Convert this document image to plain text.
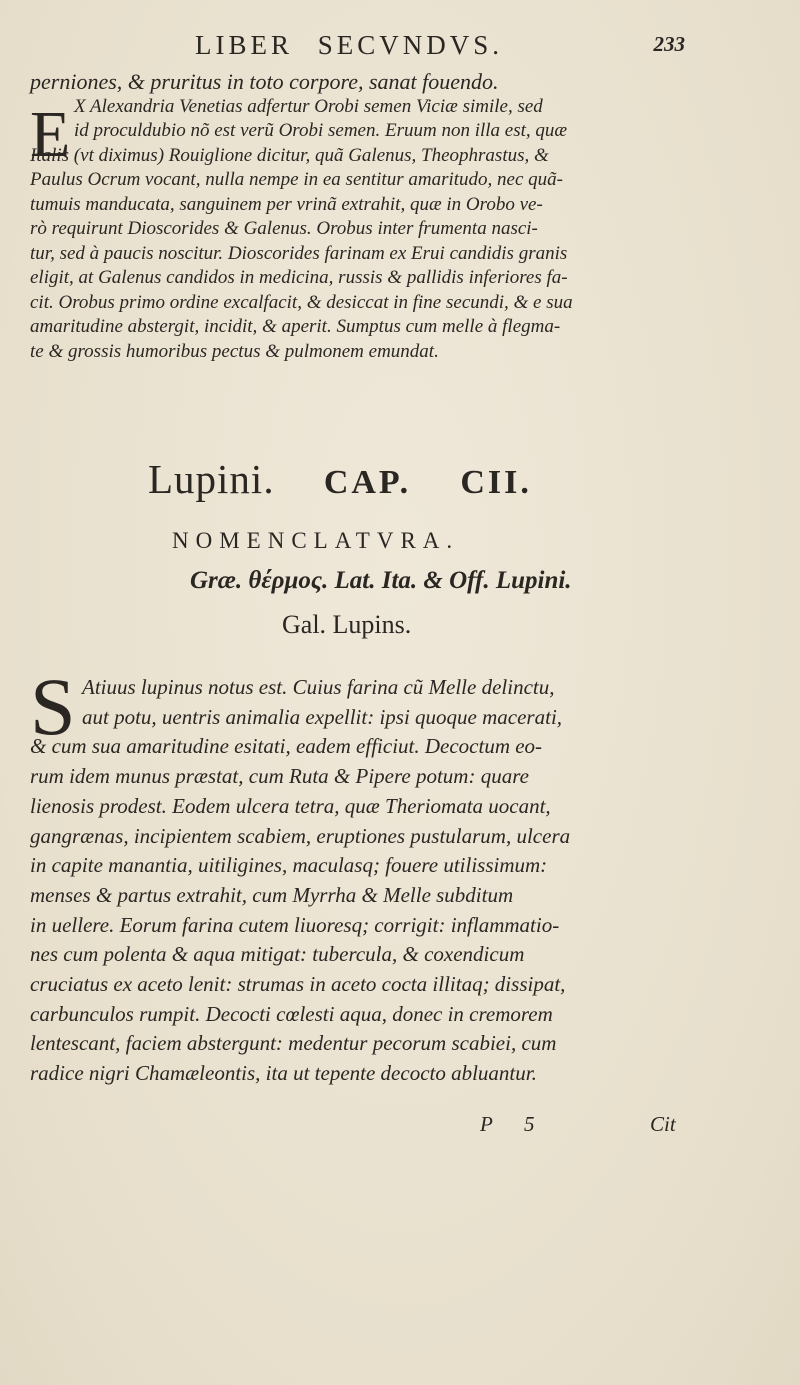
LIBER SECVNDVS.	233
E
perniones, & pruritus in toto corpore, sanat fouendo.
X Alexandria Venetias adfertur Orobi semen Viciæ simile, sed
id proculdubio nõ est verũ Orobi semen. Eruum non illa est, quæ
Italis (vt diximus) Rouiglione dicitur, quã Galenus, Theophrastus, &
Paulus Ocrum vocant, nulla nempe in ea sentitur amaritudo, nec quã-
tumuis manducata, sanguinem per vrinã extrahit, quæ in Orobo ve-
rò requirunt Dioscorides & Galenus. Orobus inter frumenta nasci-
tur, sed à paucis noscitur. Dioscorides farinam ex Erui candidis granis
eligit, at Galenus candidos in medicina, russis & pallidis inferiores fa-
cit. Orobus primo ordine excalfacit, & desiccat in fine secundi, & e sua
amaritudine abstergit, incidit, & aperit. Sumptus cum melle à flegma-
te & grossis humoribus pectus & pulmonem emundat.
Lupini. CAP. CII.
NOMENCLATVRA.
Græ. θέρμος. Lat. Ita. & Off. Lupini.
Gal. Lupins.
S Atiuus lupinus notus est. Cuius farina cũ Melle delinctu,
aut potu, uentris animalia expellit: ipsi quoque macerati,
& cum sua amaritudine esitati, eadem efficiut. Decoctum eo-
rum idem munus præstat, cum Ruta & Pipere potum: quare
lienosis prodest. Eodem ulcera tetra, quæ Theriomata uocant,
gangrænas, incipientem scabiem, eruptiones pustularum, ulcera
in capite manantia, uitiligines, maculasq; fouere utilissimum:
menses & partus extrahit, cum Myrrha & Melle subditum
in uellere. Eorum farina cutem liuoresq; corrigit: inflammatio-
nes cum polenta & aqua mitigat: tubercula, & coxendicum
cruciatus ex aceto lenit: strumas in aceto cocta illitaq; dissipat,
carbunculos rumpit. Decocti cœlesti aqua, donec in cremorem
lentescant, faciem abstergunt: medentur pecorum scabiei, cum
radice nigri Chamæleontis, ita ut tepente decocto abluantur.
P 5	Cit
